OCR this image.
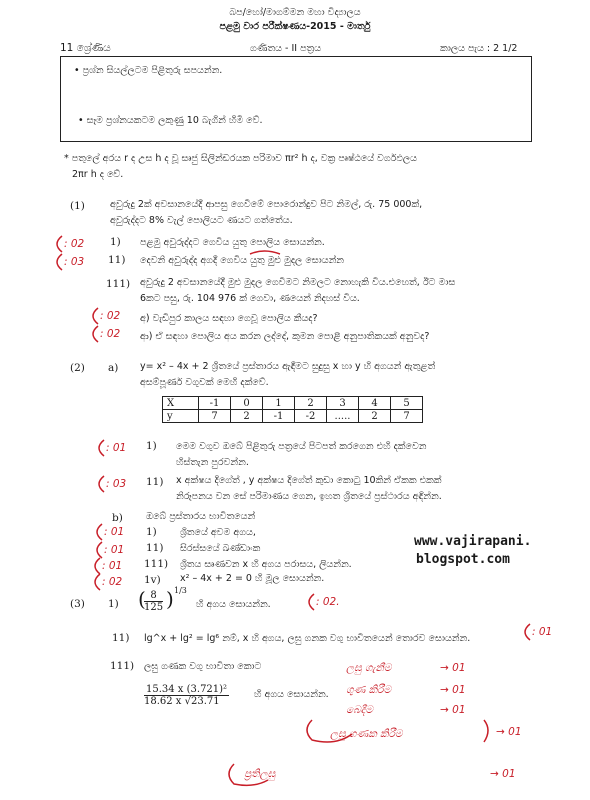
බප/හෝ/මාගම්මන මහා විද්‍යාලය
පළමු වාර පරීක්ෂණය-2015 - මාර්තු
11 ශ්‍රේණිය	ගණිතය - II පත්‍රය	කාලය පැය : 2 1/2
• ප්‍රශ්න සියල්ලටම පිළිතුරු සපයන්න.
• සෑම ප්‍රශ්නයකටම ලකුණු 10 බැගින් හිමි වේ.
* පතුලේ අරය r ද උස h ද වූ සෘජු සිලින්ඩරයක පරිමාව πr² h ද, වක්‍ර පෘෂ්ඨයේ වර්ගඵලය
2πr h ද වේ.
(1)	අවුරුදු 2ක් අවසානයේදී ආපසු ගෙවීමේ පොරොන්දුව පිට නිමල්, රු. 75 000ක්,
අවුරුද්දට 8% වැල් පොලියට ණයට ගත්තේය.
1) පළමු අවුරුද්දට ගෙවිය යුතු පොලිය සොයන්න.
11) දෙවනි අවුරුද්ද අගදී ගෙවිය යුතු මුළු මුදල සොයන්න
111) අවුරුදු 2 අවසානයේදී මුළු මුදල ගෙවීමට නිමලට නොහැකි විය.එහෙත්, ඊට මාස
6කට පසු, රු. 104 976 ක් ගෙවා, ණයෙන් නිදහස් විය.
අ) වැඩිපුර කාලය සඳහා ගෙවූ පොලිය කීයද?
ආ) ඒ සඳහා පොලිය අය කරන ලද්දේ, කුමන පොළී අනුපාතිකයක් අනුවද?
(2) a) y= x² – 4x + 2 ශ්‍රිතයේ ප්‍රස්තාරය ඇඳීමට සුදුසු x හා y හි අගයන් ඇතුළත්
අසම්පූර්ණ වගුවක් මෙහි දක්වේ.
X	-1	0	1	2	3	4	5
y	7	2	-1	-2	.....	2	7
1) මෙම වගුව ඔබේ පිළිතුරු පත්‍රයේ පිටපත් කරගෙන එහි දක්වෙන
හිස්තැන පුරවන්න.
11) x අක්ෂය දිගේත් , y අක්ෂය දිගේත් කුඩා කොටු 10කින් ඒකක එකක්
නිරූපනය වන සේ පරිමාණය ගෙන, ඉහත ශ්‍රිතයේ ප්‍රස්ථාරය අඳින්න.
b) ඔබේ ප්‍රස්තාරය භාවිතයෙන්
1) ශ්‍රිතයේ අවම අගය,
11) සිරස්සයේ ඛණ්ඩාංක
111) ශ්‍රිතය සෘණවන x හි අගය පරාසය, ලියන්න.
1v) x² – 4x + 2 = 0 හි මූල සොයන්න.
www.vajirapani.
blogspot.com
(3) 1) (
$\frac{8}{125}$ ) 1/3
හි අගය සොයන්න.
11) lg^x + lg² = lg⁶ නම්, x හි අගය, ලඝු ගනක වගු භාවිතයෙන් තොරව සොයන්න.
111) ලඝු ගණක වගු භාවිතා කොට
$\frac{\text{15.34 x (3.721)²}}{18.62 x √23.71}$	හි අගය සොයන්න.
: 02
: 03
: 02
: 02
: 01
: 03
: 01
: 01
: 01
: 02
: 02.
: 01
ලඝු ගැනීම	→ 01
ගුණ කිරීම	→ 01
බෙදීම	→ 01
ලඝු ගණක කිරීම	→ 01
ප්‍රතිලඝු	→ 01
